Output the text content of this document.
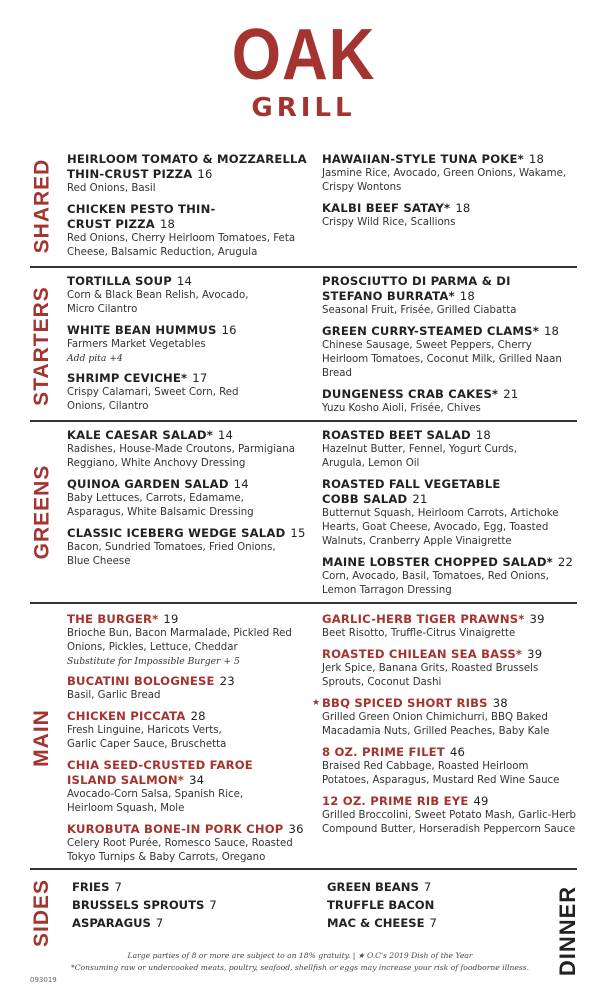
OAK
GRILL
SHARED HEIRLOOM TOMATO & MOZZARELLA THIN-CRUST PIZZA 16
Red Onions, Basil
CHICKEN PESTO THIN-CRUST PIZZA 18
Red Onions, Cherry Heirloom Tomatoes, Feta Cheese, Balsamic Reduction, Arugula
HAWAIIAN-STYLE TUNA POKE* 18
Jasmine Rice, Avocado, Green Onions, Wakame, Crispy Wontons
KALBI BEEF SATAY* 18
Crispy Wild Rice, Scallions
STARTERS
TORTILLA SOUP 14
Corn & Black Bean Relish, Avocado, Micro Cilantro
WHITE BEAN HUMMUS 16
Farmers Market Vegetables
Add pita +4
SHRIMP CEVICHE* 17
Crispy Calamari, Sweet Corn, Red Onions, Cilantro
PROSCIUTTO DI PARMA & DI STEFANO BURRATA* 18
Seasonal Fruit, Frisée, Grilled Ciabatta
GREEN CURRY-STEAMED CLAMS* 18
Chinese Sausage, Sweet Peppers, Cherry Heirloom Tomatoes, Coconut Milk, Grilled Naan Bread
DUNGENESS CRAB CAKES* 21
Yuzu Kosho Aioli, Frisée, Chives
GREENS
KALE CAESAR SALAD* 14
Radishes, House-Made Croutons, Parmigiana Reggiano, White Anchovy Dressing
QUINOA GARDEN SALAD 14
Baby Lettuces, Carrots, Edamame, Asparagus, White Balsamic Dressing
CLASSIC ICEBERG WEDGE SALAD 15
Bacon, Sundried Tomatoes, Fried Onions, Blue Cheese
ROASTED BEET SALAD 18
Hazelnut Butter, Fennel, Yogurt Curds, Arugula, Lemon Oil
ROASTED FALL VEGETABLE COBB SALAD 21
Butternut Squash, Heirloom Carrots, Artichoke Hearts, Goat Cheese, Avocado, Egg, Toasted Walnuts, Cranberry Apple Vinaigrette
MAINE LOBSTER CHOPPED SALAD* 22
Corn, Avocado, Basil, Tomatoes, Red Onions, Lemon Tarragon Dressing
MAIN
THE BURGER* 19
Brioche Bun, Bacon Marmalade, Pickled Red Onions, Pickles, Lettuce, Cheddar
Substitute for Impossible Burger + 5
BUCATINI BOLOGNESE 23
Basil, Garlic Bread
CHICKEN PICCATA 28
Fresh Linguine, Haricots Verts, Garlic Caper Sauce, Bruschetta
CHIA SEED-CRUSTED FAROE ISLAND SALMON* 34
Avocado-Corn Salsa, Spanish Rice, Heirloom Squash, Mole
KUROBUTA BONE-IN PORK CHOP 36
Celery Root Purée, Romesco Sauce, Roasted Tokyo Turnips & Baby Carrots, Oregano
GARLIC-HERB TIGER PRAWNS* 39
Beet Risotto, Truffle-Citrus Vinaigrette
ROASTED CHILEAN SEA BASS* 39
Jerk Spice, Banana Grits, Roasted Brussels Sprouts, Coconut Dashi
★ BBQ SPICED SHORT RIBS 38
Grilled Green Onion Chimichurri, BBQ Baked Macadamia Nuts, Grilled Peaches, Baby Kale
8 OZ. PRIME FILET 46
Braised Red Cabbage, Roasted Heirloom Potatoes, Asparagus, Mustard Red Wine Sauce
12 OZ. PRIME RIB EYE 49
Grilled Broccolini, Sweet Potato Mash, Garlic-Herb Compound Butter, Horseradish Peppercorn Sauce
SIDES FRIES 7
BRUSSELS SPROUTS 7
ASPARAGUS 7
GREEN BEANS 7
TRUFFLE BACON MAC & CHEESE 7	DINNER
Large parties of 8 or more are subject to an 18% gratuity. | ★ O.C's 2019 Dish of the Year
*Consuming raw or undercooked meats, poultry, seafood, shellfish or eggs may increase your risk of foodborne illness.
093019
